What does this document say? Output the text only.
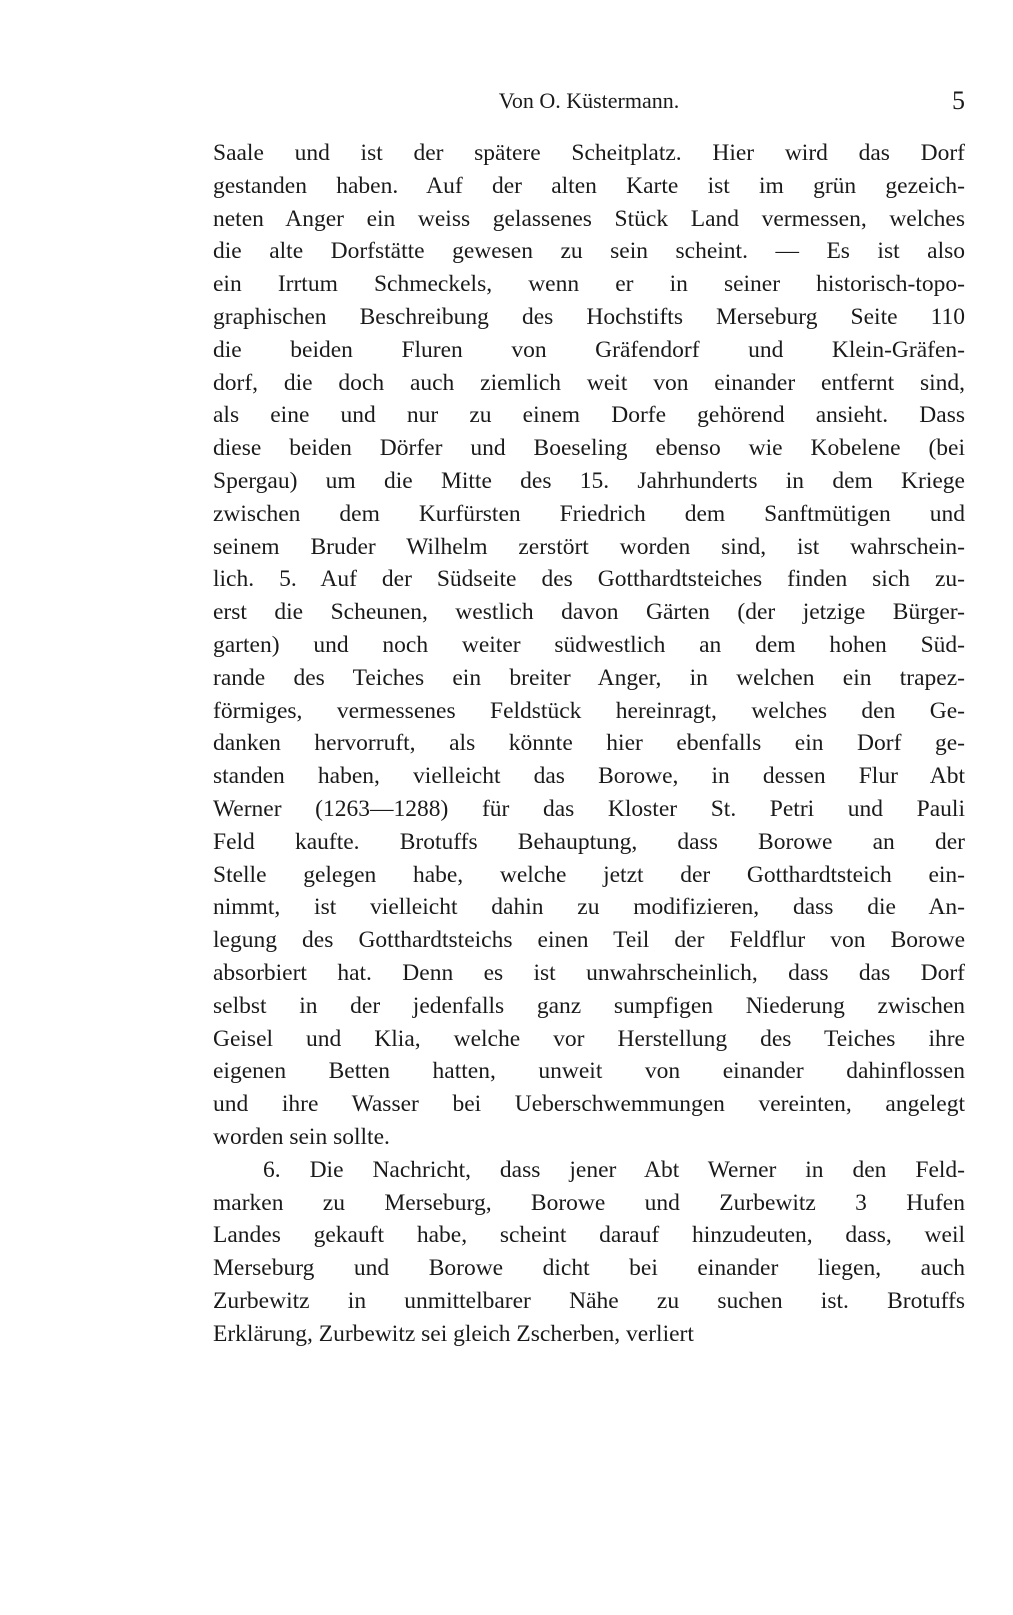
Von O. Küstermann.	5
Saale und ist der spätere Scheitplatz. Hier wird das Dorf
gestanden haben. Auf der alten Karte ist im grün gezeich-
neten Anger ein weiss gelassenes Stück Land vermessen, welches
die alte Dorfstätte gewesen zu sein scheint. — Es ist also
ein Irrtum Schmeckels, wenn er in seiner historisch-topo-
graphischen Beschreibung des Hochstifts Merseburg Seite 110
die beiden Fluren von Gräfendorf und Klein-Gräfen-
dorf, die doch auch ziemlich weit von einander entfernt sind,
als eine und nur zu einem Dorfe gehörend ansieht. Dass
diese beiden Dörfer und Boeseling ebenso wie Kobelene (bei
Spergau) um die Mitte des 15. Jahrhunderts in dem Kriege
zwischen dem Kurfürsten Friedrich dem Sanftmütigen und
seinem Bruder Wilhelm zerstört worden sind, ist wahrschein-
lich. 5. Auf der Südseite des Gotthardtsteiches finden sich zu-
erst die Scheunen, westlich davon Gärten (der jetzige Bürger-
garten) und noch weiter südwestlich an dem hohen Süd-
rande des Teiches ein breiter Anger, in welchen ein trapez-
förmiges, vermessenes Feldstück hereinragt, welches den Ge-
danken hervorruft, als könnte hier ebenfalls ein Dorf ge-
standen haben, vielleicht das Borowe, in dessen Flur Abt
Werner (1263—1288) für das Kloster St. Petri und Pauli
Feld kaufte. Brotuffs Behauptung, dass Borowe an der
Stelle gelegen habe, welche jetzt der Gotthardtsteich ein-
nimmt, ist vielleicht dahin zu modifizieren, dass die An-
legung des Gotthardtsteichs einen Teil der Feldflur von Borowe
absorbiert hat. Denn es ist unwahrscheinlich, dass das Dorf
selbst in der jedenfalls ganz sumpfigen Niederung zwischen
Geisel und Klia, welche vor Herstellung des Teiches ihre
eigenen Betten hatten, unweit von einander dahinflossen
und ihre Wasser bei Ueberschwemmungen vereinten, angelegt
worden sein sollte.
6. Die Nachricht, dass jener Abt Werner in den Feld-
marken zu Merseburg, Borowe und Zurbewitz 3 Hufen
Landes gekauft habe, scheint darauf hinzudeuten, dass, weil
Merseburg und Borowe dicht bei einander liegen, auch
Zurbewitz in unmittelbarer Nähe zu suchen ist. Brotuffs
Erklärung, Zurbewitz sei gleich Zscherben, verliert
